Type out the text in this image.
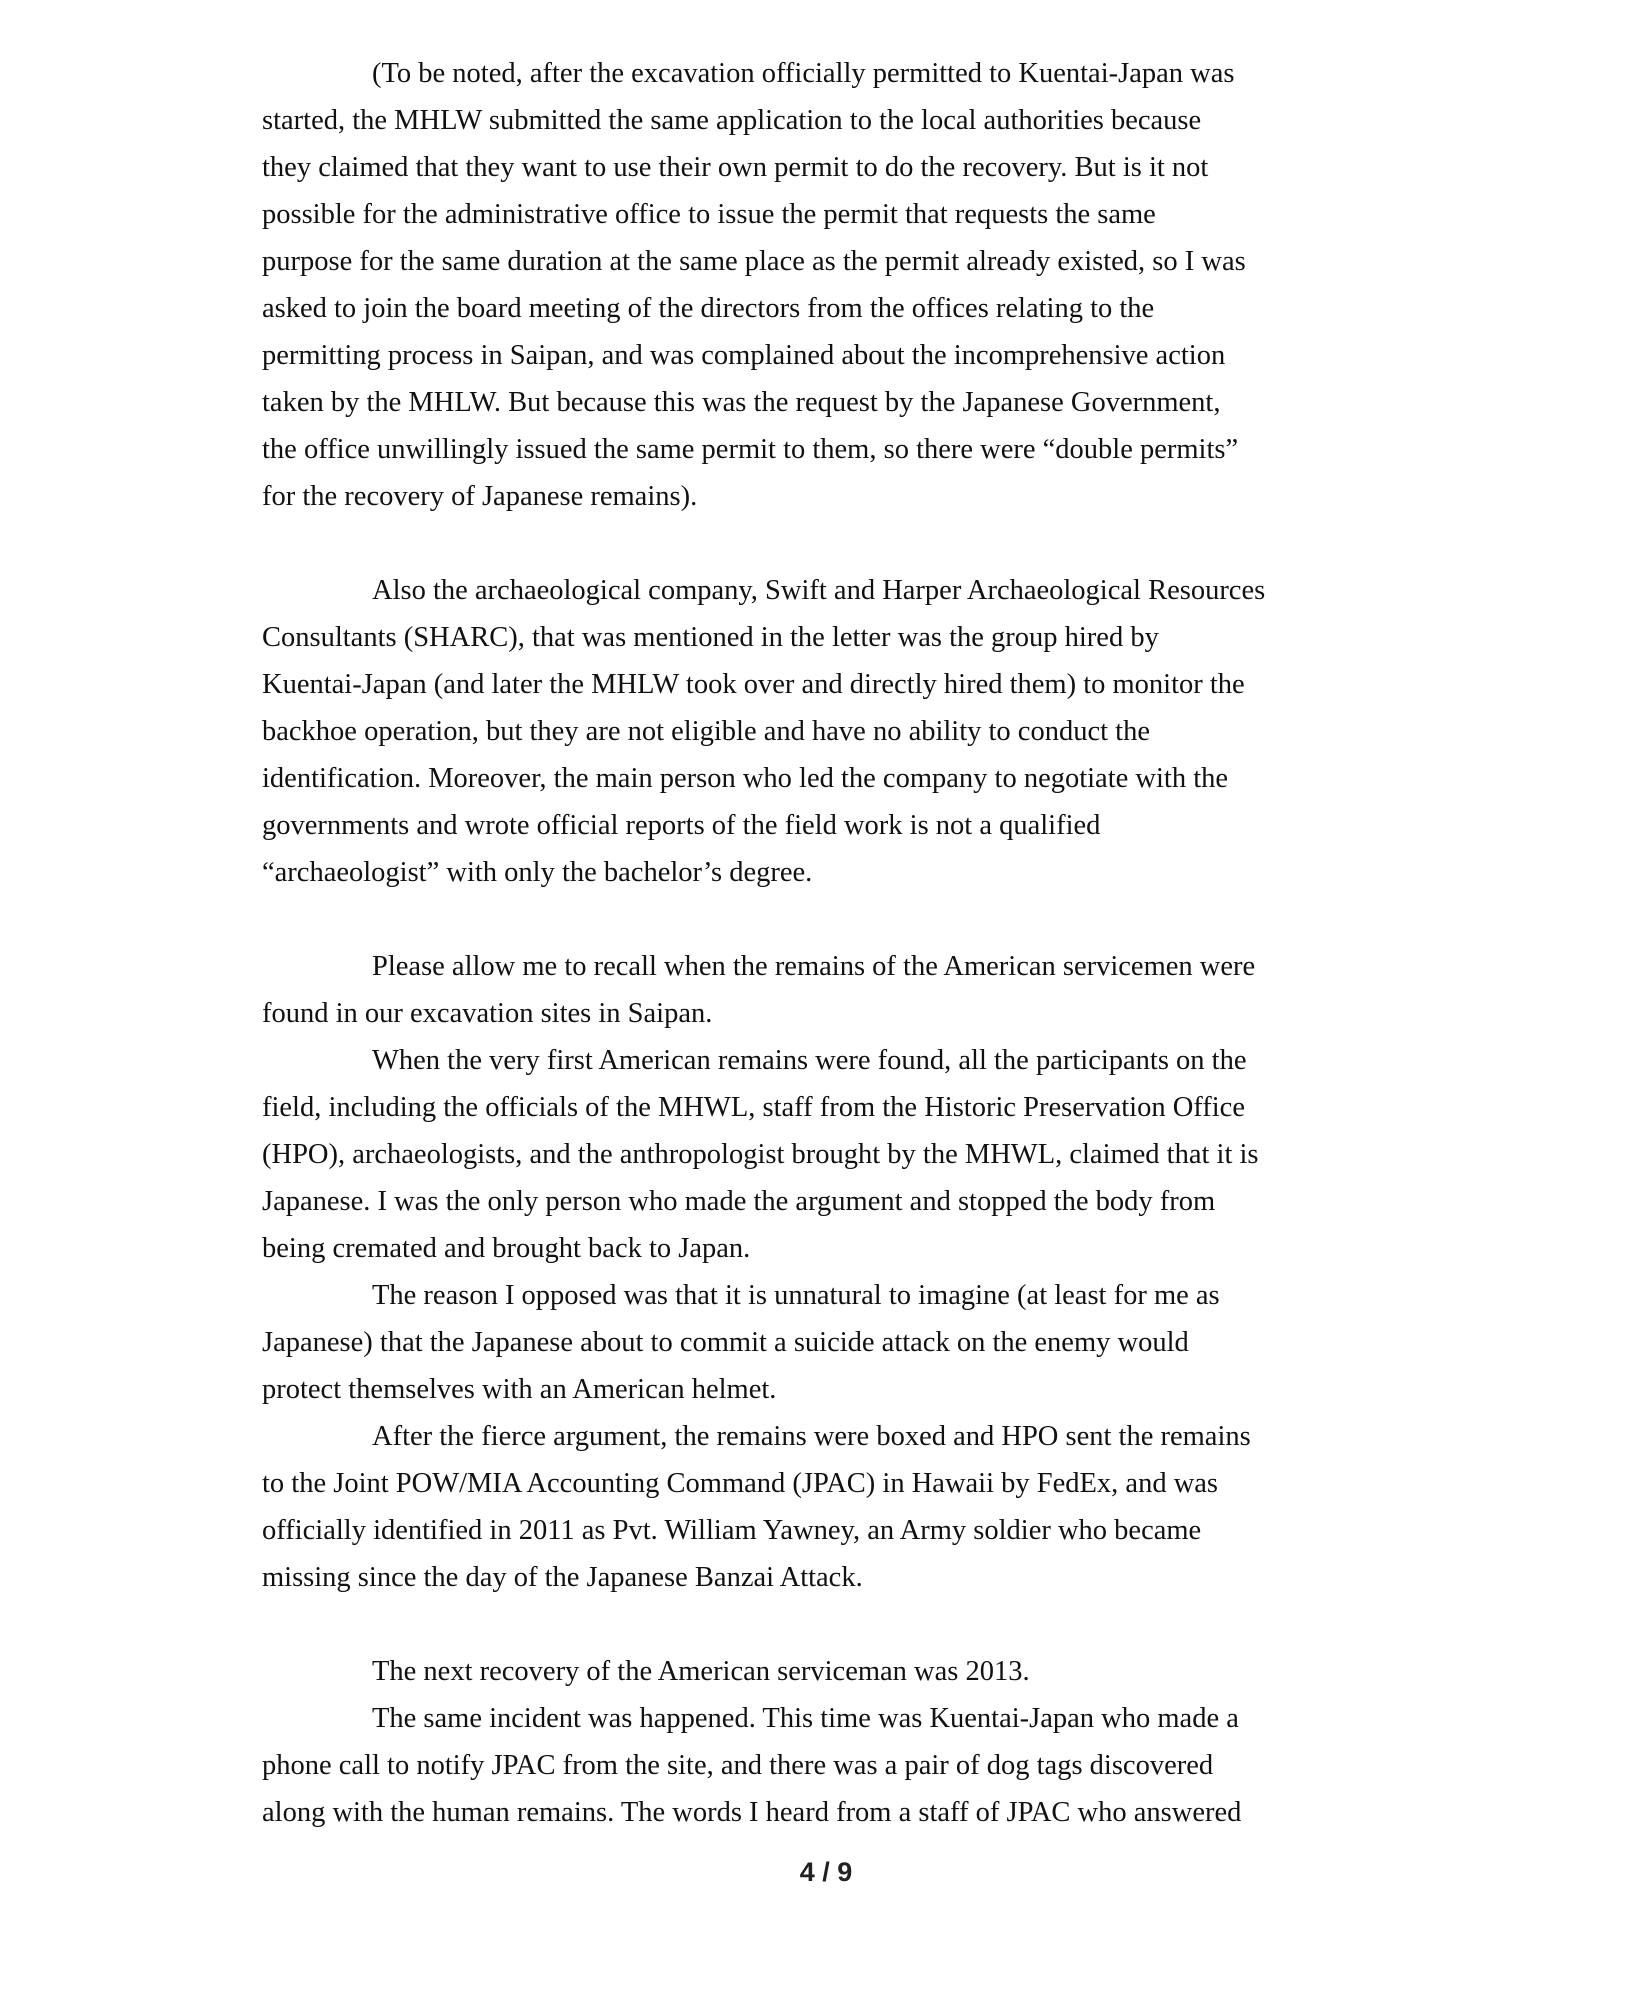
(To be noted, after the excavation officially permitted to Kuentai-Japan was
started, the MHLW submitted the same application to the local authorities because
they claimed that they want to use their own permit to do the recovery. But is it not
possible for the administrative office to issue the permit that requests the same
purpose for the same duration at the same place as the permit already existed, so I was
asked to join the board meeting of the directors from the offices relating to the
permitting process in Saipan, and was complained about the incomprehensive action
taken by the MHLW. But because this was the request by the Japanese Government,
the office unwillingly issued the same permit to them, so there were “double permits”
for the recovery of Japanese remains).
Also the archaeological company, Swift and Harper Archaeological Resources
Consultants (SHARC), that was mentioned in the letter was the group hired by
Kuentai-Japan (and later the MHLW took over and directly hired them) to monitor the
backhoe operation, but they are not eligible and have no ability to conduct the
identification. Moreover, the main person who led the company to negotiate with the
governments and wrote official reports of the field work is not a qualified
“archaeologist” with only the bachelor’s degree.
Please allow me to recall when the remains of the American servicemen were
found in our excavation sites in Saipan.
When the very first American remains were found, all the participants on the
field, including the officials of the MHWL, staff from the Historic Preservation Office
(HPO), archaeologists, and the anthropologist brought by the MHWL, claimed that it is
Japanese. I was the only person who made the argument and stopped the body from
being cremated and brought back to Japan.
The reason I opposed was that it is unnatural to imagine (at least for me as
Japanese) that the Japanese about to commit a suicide attack on the enemy would
protect themselves with an American helmet.
After the fierce argument, the remains were boxed and HPO sent the remains
to the Joint POW/MIA Accounting Command (JPAC) in Hawaii by FedEx, and was
officially identified in 2011 as Pvt. William Yawney, an Army soldier who became
missing since the day of the Japanese Banzai Attack.
The next recovery of the American serviceman was 2013.
The same incident was happened. This time was Kuentai-Japan who made a
phone call to notify JPAC from the site, and there was a pair of dog tags discovered
along with the human remains. The words I heard from a staff of JPAC who answered
4 / 9
